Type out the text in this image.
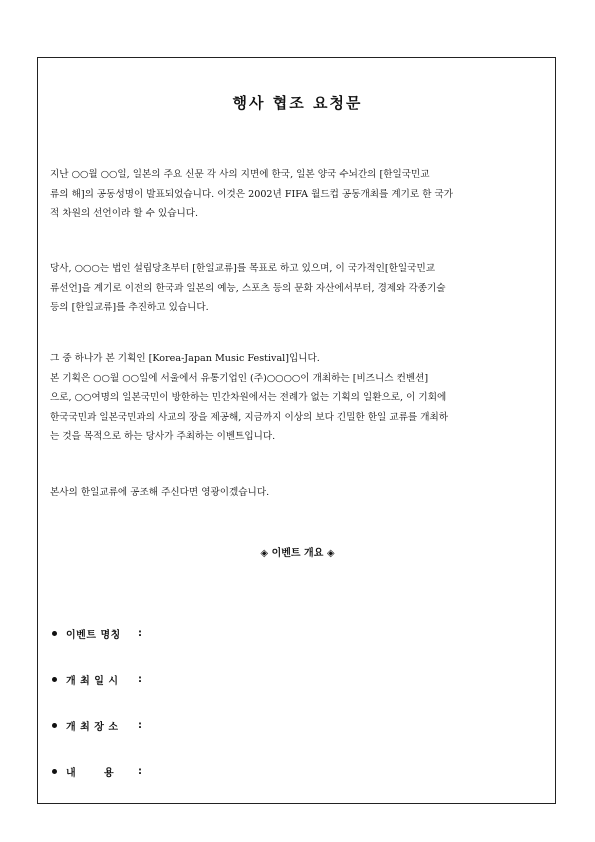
행사 협조 요청문

지난 ○○월 ○○일, 일본의 주요 신문 각 사의 지면에 한국, 일본 양국 수뇌간의 [한일국민교
류의 해]의 공동성명이 발표되었습니다. 이것은 2002년 FIFA 월드컵 공동개최를 계기로 한 국가
적 차원의 선언이라 할 수 있습니다.

당사, ○○○는 법인 설립당초부터 [한일교류]를 목표로 하고 있으며, 이 국가적인[한일국민교
류선언]을 계기로 이전의 한국과 일본의 예능, 스포츠 등의 문화 자산에서부터, 경제와 각종기술
등의 [한일교류]를 추진하고 있습니다.

그 중 하나가 본 기획인 [Korea-Japan Music Festival]입니다.
본 기획은 ○○월 ○○일에 서울에서 유통기업인 (주)○○○○이 개최하는 [비즈니스 컨벤션]
으로, ○○여명의 일본국민이 방한하는 민간차원에서는 전례가 없는 기획의 일환으로, 이 기회에
한국국민과 일본국민과의 사교의 장을 제공해, 지금까지 이상의 보다 긴밀한 한일 교류를 개최하
는 것을 목적으로 하는 당사가 주최하는 이벤트입니다.

본사의 한일교류에 공조해 주신다면 영광이겠습니다.

◈ 이벤트 개요 ◈
이벤트 명칭	:
개 최 일 시	:
개 최 장 소	:
내       용	:
